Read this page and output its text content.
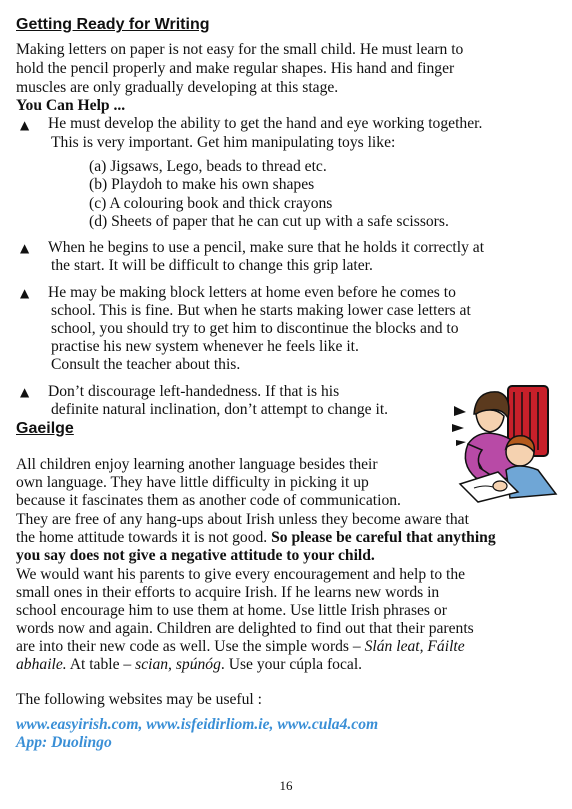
Getting Ready for Writing
Making letters on paper is not easy for the small child. He must learn to
hold the pencil properly and make regular shapes. His hand and finger
muscles are only gradually developing at this stage.
You Can Help ...
▲ He must develop the ability to get the hand and eye working together.
This is very important. Get him manipulating toys like:
(a) Jigsaws, Lego, beads to thread etc.
(b) Playdoh to make his own shapes
(c) A colouring book and thick crayons
(d) Sheets of paper that he can cut up with a safe scissors.
▲ When he begins to use a pencil, make sure that he holds it correctly at
the start. It will be difficult to change this grip later.
▲ He may be making block letters at home even before he comes to
school. This is fine. But when he starts making lower case letters at
school, you should try to get him to discontinue the blocks and to
practise his new system whenever he feels like it.
Consult the teacher about this.
▲ Don’t discourage left-handedness. If that is his
definite natural inclination, don’t attempt to change it.
Gaeilge
All children enjoy learning another language besides their
own language. They have little difficulty in picking it up
because it fascinates them as another code of communication.
They are free of any hang-ups about Irish unless they become aware that
the home attitude towards it is not good. So please be careful that anything
you say does not give a negative attitude to your child.
We would want his parents to give every encouragement and help to the
small ones in their efforts to acquire Irish. If he learns new words in
school encourage him to use them at home. Use little Irish phrases or
words now and again. Children are delighted to find out that their parents
are into their new code as well. Use the simple words – Slán leat, Fáilte
abhaile. At table – scian, spúnóg. Use your cúpla focal.
The following websites may be useful :
www.easyirish.com, www.isfeidirliom.ie, www.cula4.com
App: Duolingo
16
